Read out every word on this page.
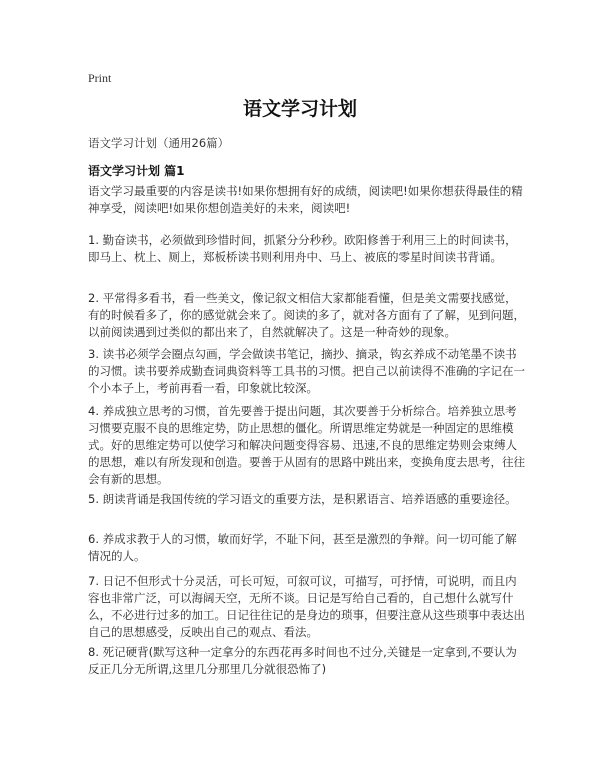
Print
语文学习计划
语文学习计划（通用26篇）
语文学习计划 篇1

语文学习最重要的内容是读书!如果你想拥有好的成绩，阅读吧!如果你想获得最佳的精神享受，阅读吧!如果你想创造美好的未来，阅读吧!

1. 勤奋读书，必须做到珍惜时间，抓紧分分秒秒。欧阳修善于利用三上的时间读书，即马上、枕上、厕上，郑板桥读书则利用舟中、马上、被底的零星时间读书背诵。

2. 平常得多看书，看一些美文，像记叙文相信大家都能看懂，但是美文需要找感觉，有的时候看多了，你的感觉就会来了。阅读的多了，就对各方面有了了解，见到问题，以前阅读遇到过类似的都出来了，自然就解决了。这是一种奇妙的现象。

3. 读书必须学会圈点勾画，学会做读书笔记，摘抄、摘录，钩玄养成不动笔墨不读书的习惯。读书要养成勤查词典资料等工具书的习惯。把自己以前读得不准确的字记在一个小本子上，考前再看一看，印象就比较深。

4. 养成独立思考的习惯，首先要善于提出问题，其次要善于分析综合。培养独立思考习惯要克服不良的思维定势，防止思想的僵化。所谓思维定势就是一种固定的思维模式。好的思维定势可以使学习和解决问题变得容易、迅速,不良的思维定势则会束缚人的思想，难以有所发现和创造。要善于从固有的思路中跳出来，变换角度去思考，往往会有新的思想。

5. 朗读背诵是我国传统的学习语文的重要方法，是积累语言、培养语感的重要途径。

6. 养成求教于人的习惯，敏而好学，不耻下问，甚至是激烈的争辩。问一切可能了解情况的人。

7. 日记不但形式十分灵活，可长可短，可叙可议，可描写，可抒情，可说明，而且内容也非常广泛，可以海阔天空，无所不谈。日记是写给自己看的，自己想什么就写什么，不必进行过多的加工。日记往往记的是身边的琐事，但要注意从这些琐事中表达出自己的思想感受，反映出自己的观点、看法。

8. 死记硬背(默写这种一定拿分的东西花再多时间也不过分,关键是一定拿到,不要认为反正几分无所谓,这里几分那里几分就很恐怖了)
